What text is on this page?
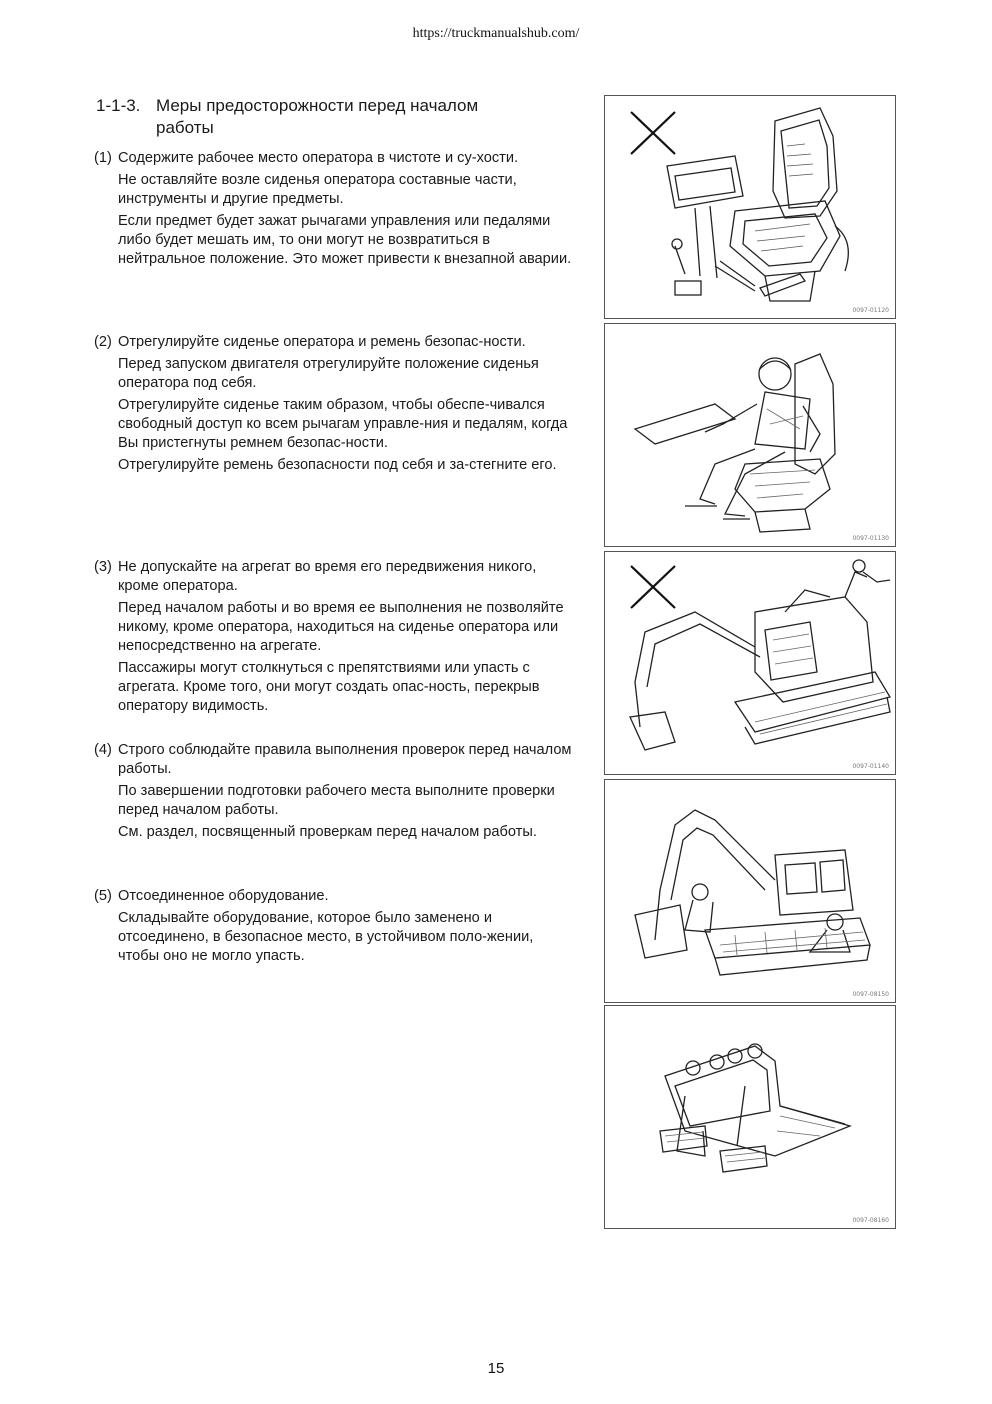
https://truckmanualshub.com/
1-1-3. Меры предосторожности перед началом
работы
(1) Содержите рабочее место оператора в чистоте и су-хости.

Не оставляйте возле сиденья оператора составные части, инструменты и другие предметы.

Если предмет будет зажат рычагами управления или педалями либо будет мешать им, то они могут не возвратиться в нейтральное положение. Это может привести к внезапной аварии.

(2) Отрегулируйте сиденье оператора и ремень безопас-ности.

Перед запуском двигателя отрегулируйте положение сиденья оператора под себя.

Отрегулируйте сиденье таким образом, чтобы обеспе-чивался свободный доступ ко всем рычагам управле-ния и педалям, когда Вы пристегнуты ремнем безопас-ности.

Отрегулируйте ремень безопасности под себя и за-стегните его.

(3) Не допускайте на агрегат во время его передвижения никого, кроме оператора.

Перед началом работы и во время ее выполнения не позволяйте никому, кроме оператора, находиться на сиденье оператора или непосредственно на агрегате.

Пассажиры могут столкнуться с препятствиями или упасть с агрегата. Кроме того, они могут создать опас-ность, перекрыв оператору видимость.

(4) Строго соблюдайте правила выполнения проверок перед началом работы.

По завершении подготовки рабочего места выполните проверки перед началом работы.

См. раздел, посвященный проверкам перед началом работы.

(5) Отсоединенное оборудование.

Складывайте оборудование, которое было заменено и отсоединено, в безопасное место, в устойчивом поло-жении, чтобы оно не могло упасть.

0097-01120
0097-01130
0097-01140
0097-08150
0097-08160
15
